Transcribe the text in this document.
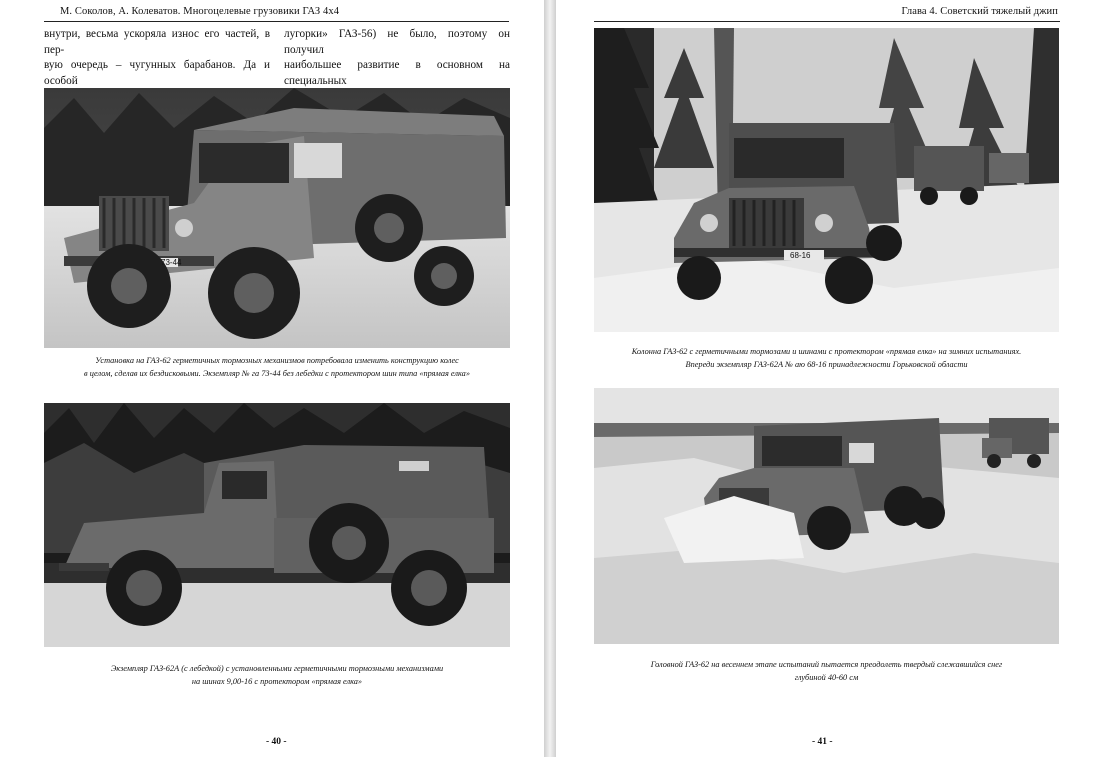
М. Соколов, А. Колеватов. Многоцелевые грузовики ГАЗ 4х4

внутри, весьма ускоряла износ его частей, в пер-

вую очередь – чугунных барабанов. Да и особой

лугорки» ГАЗ-56) не было, поэтому он получил

наибольшее развитие в основном на специальных

73-44
Установка на ГАЗ-62 герметичных тормозных механизмов потребовала изменить конструкцию колес
в целом, сделав их бездисковыми. Экземпляр № га 73-44 без лебедки с протектором шин типа «прямая елка»
Экземпляр ГАЗ-62А (с лебедкой) с установленными герметичными тормозными механизмами
на шинах 9,00-16 с протектором «прямая елка»
- 40 -
Глава 4. Советский тяжелый джип
68-16
Колонна ГАЗ-62 с герметичными тормозами и шинами с протектором «прямая елка» на зимних испытаниях.
Впереди экземпляр ГАЗ-62А № аю 68-16 принадлежности Горьковской области
Головной ГАЗ-62 на весеннем этапе испытаний пытается преодолеть твердый слежавшийся снег
глубиной 40-60 см
- 41 -
